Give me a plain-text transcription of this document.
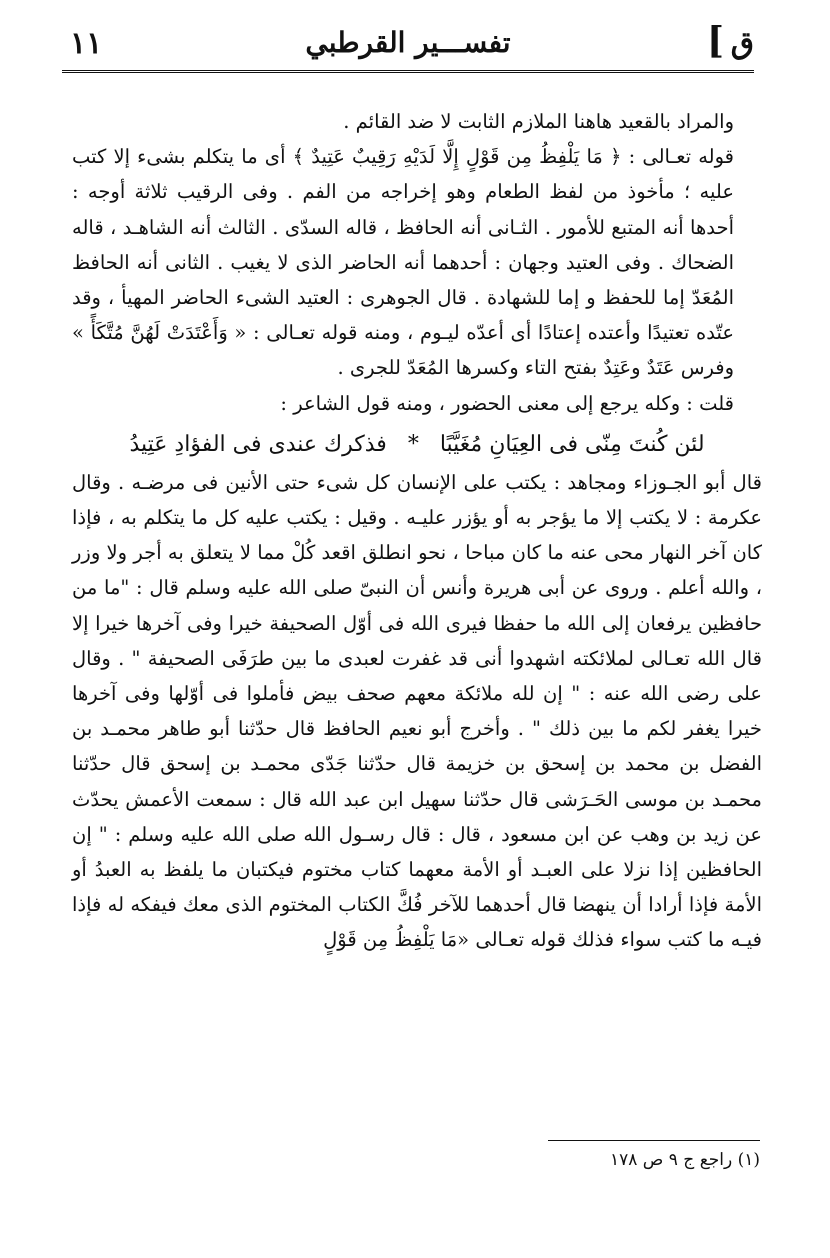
ق
]
تفســـير القرطبي
١١

والمراد بالقعيد هاهنا الملازم الثابت لا ضد القائم .

قوله تعـالى : ﴿ مَا يَلْفِظُ مِن قَوْلٍ إِلَّا لَدَيْهِ رَقِيبٌ عَتِيدٌ ﴾ أى ما يتكلم بشىء إلا كتب عليه ؛ مأخوذ من لفظ الطعام وهو إخراجه من الفم . وفى الرقيب ثلاثة أوجه : أحدها أنه المتبع للأمور . الثـانى أنه الحافظ ، قاله السدّى . الثالث أنه الشاهـد ، قاله الضحاك . وفى العتيد وجهان : أحدهما أنه الحاضر الذى لا يغيب . الثانى أنه الحافظ المُعَدّ إما للحفظ و إما للشهادة . قال الجوهرى : العتيد الشىء الحاضر المهيأ ، وقد عتّده تعتيدًا وأعتده إعتادًا أى أعدّه ليـوم ، ومنه قوله تعـالى : « وَأَعْتَدَتْ لَهُنَّ مُتَّكَأً » وفرس عَتَدٌ وعَتِدٌ بفتح التاء وكسرها المُعَدّ للجرى .

قلت : وكله يرجع إلى معنى الحضور ، ومنه قول الشاعر :

لئن كُنتَ مِنّى فى العِيَانِ مُغَيَّبًا * فذكرك عندى فى الفؤادِ عَتِيدُ

قال أبو الجـوزاء ومجاهد : يكتب على الإنسان كل شىء حتى الأنين فى مرضـه . وقال عكرمة : لا يكتب إلا ما يؤجر به أو يؤزر عليـه . وقيل : يكتب عليه كل ما يتكلم به ، فإذا كان آخر النهار محى عنه ما كان مباحا ، نحو انطلق اقعد كُلْ مما لا يتعلق به أجر ولا وزر ، والله أعلم . وروى عن أبى هريرة وأنس أن النبىّ صلى الله عليه وسلم قال : "ما من حافظين يرفعان إلى الله ما حفظا فيرى الله فى أوّل الصحيفة خيرا وفى آخرها خيرا إلا قال الله تعـالى لملائكته اشهدوا أنى قد غفرت لعبدى ما بين طرَفَى الصحيفة " . وقال على رضى الله عنه : " إن لله ملائكة معهم صحف بيض فأملوا فى أوّلها وفى آخرها خيرا يغفر لكم ما بين ذلك " . وأخرج أبو نعيم الحافظ قال حدّثنا أبو طاهر محمـد بن الفضل بن محمد بن إسحق بن خزيمة قال حدّثنا جَدّى محمـد بن إسحق قال حدّثنا محمـد بن موسى الحَـرَشى قال حدّثنا سهيل ابن عبد الله قال : سمعت الأعمش يحدّث عن زيد بن وهب عن ابن مسعود ، قال : قال رسـول الله صلى الله عليه وسلم : " إن الحافظين إذا نزلا على العبـد أو الأمة معهما كتاب مختوم فيكتبان ما يلفظ به العبدُ أو الأمة فإذا أرادا أن ينهضا قال أحدهما للآخر فُكَّ الكتاب المختوم الذى معك فيفكه له فإذا فيـه ما كتب سواء فذلك قوله تعـالى «مَا يَلْفِظُ مِن قَوْلٍ

(١) راجع ج ٩ ص ١٧٨
